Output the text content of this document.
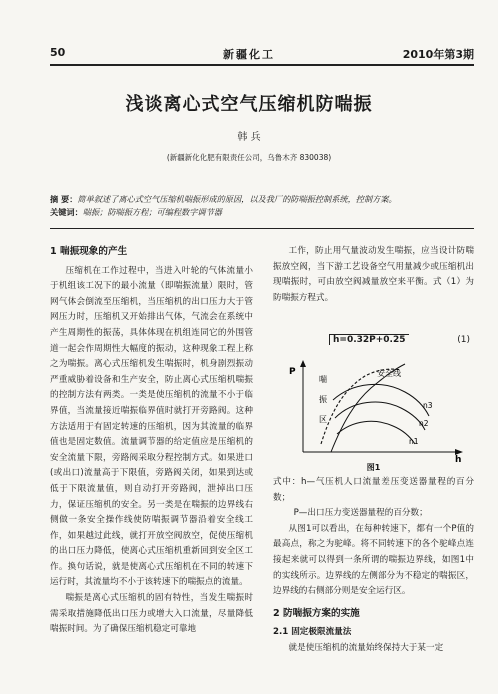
50	新疆化工	2010年第3期
浅谈离心式空气压缩机防喘振
韩 兵
(新疆新化化肥有限责任公司，乌鲁木齐 830038)
摘 要：简单叙述了离心式空气压缩机喘振形成的原因，以及我厂的防喘振控制系统，控制方案。
关键词：喘振；防喘振方程；可编程数字调节器
1 喘振现象的产生

压缩机在工作过程中，当进入叶轮的气体流量小于机组该工况下的最小流量（即喘振流量）限时，管网气体会倒流至压缩机，当压缩机的出口压力大于管网压力时，压缩机又开始排出气体，气流会在系统中产生周期性的振荡，具体体现在机组连同它的外围管道一起会作周期性大幅度的振动，这种现象工程上称之为喘振。离心式压缩机发生喘振时，机身剧烈振动严重威胁着设备和生产安全，防止离心式压缩机喘振的控制方法有两类。一类是使压缩机的流量不小于临界值，当流量接近喘振临界值时就打开旁路阀。这种方法适用于有固定转速的压缩机，因为其流量的临界值也是固定数值。流量调节器的给定值应是压缩机的安全流量下限，旁路阀采取分程控制方式。如果进口(或出口)流量高于下限值，旁路阀关闭，如果到达或低于下限流量值，则自动打开旁路阀，泄掉出口压力，保证压缩机的安全。另一类是在喘振的边界线右侧做一条安全操作线使防喘振调节器沿着安全线工作，如果越过此线，就打开放空阀放空，促使压缩机的出口压力降低，使离心式压缩机重新回到安全区工作。换句话说，就是使离心式压缩机在不同的转速下运行时，其流量均不小于该转速下的喘振点的流量。

喘振是离心式压缩机的固有特性，当发生喘振时需采取措施降低出口压力或增大入口流量，尽量降低喘振时间。为了确保压缩机稳定可靠地

工作，防止用气量波动发生喘振，应当设计防喘振放空阀，当下游工艺设备空气用量减少或压缩机出现喘振时，可由放空阀减量放空来平衡。式（1）为防喘振方程式。

h=0.32P+0.25	(1)
P
h
喘
振
区
安全线
n3
n2
n1
图1
式中：h—气压机人口流量差压变送器量程的百分数；
P—出口压力变送器量程的百分数；

从图1可以看出，在每种转速下，都有一个P值的最高点，称之为驼峰。将不同转速下的各个驼峰点连接起来就可以得到一条所谓的喘振边界线，如图1中的实线所示。边界线的左侧部分为不稳定的喘振区，边界线的右侧部分则是安全运行区。

2 防喘振方案的实施
2.1 固定极限流量法

就是使压缩机的流量始终保持大于某一定
